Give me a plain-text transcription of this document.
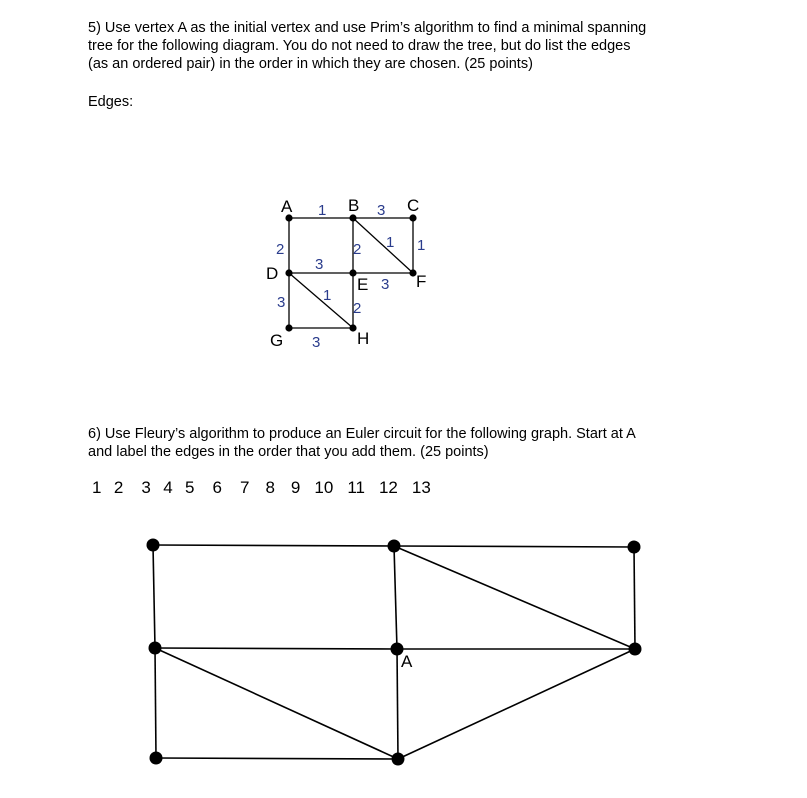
5) Use vertex A as the initial vertex and use Prim’s algorithm to find a minimal spanning
tree for the following diagram. You do not need to draw the tree, but do list the edges
(as an ordered pair) in the order in which they are chosen. (25 points)
Edges:
A	B	C
D
E	F
G	H
1	3
2	2 1 1
3
3
3	1
2
3
A
6) Use Fleury’s algorithm to produce an Euler circuit for the following graph. Start at A
and label the edges in the order that you add them. (25 points)
1 2 3 4 5 6 7 8 9 10 11 12 13
